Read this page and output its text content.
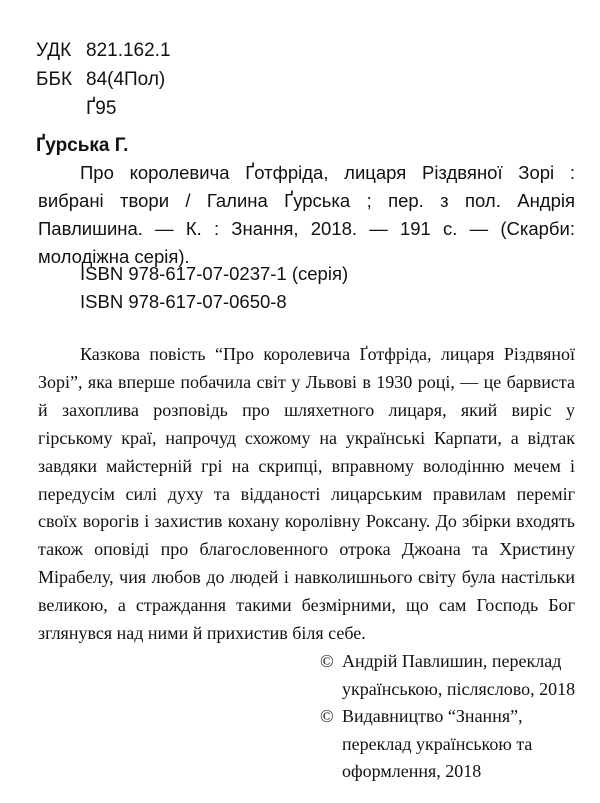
УДК 821.162.1
ББК 84(4Пол)
Ґ95
Ґурська Г.
Про королевича Ґотфріда, лицаря Різдвяної Зорі : вибрані твори / Галина Ґурська ; пер. з пол. Андрія Павлишина. — К. : Знання, 2018. — 191 с. — (Скарби: молодіжна серія).
ISBN 978-617-07-0237-1 (серія)
ISBN 978-617-07-0650-8
Казкова повість “Про королевича Ґотфріда, лицаря Різдвяної Зорі”, яка вперше побачила світ у Львові в 1930 році, — це барвиста й захоплива розповідь про шляхетного лицаря, який виріс у гірському краї, напрочуд схожому на українські Карпати, а відтак завдяки майстерній грі на скрипці, вправному володінню мечем і передусім силі духу та відданості лицарським правилам переміг своїх ворогів і захистив кохану королівну Роксану. До збірки входять також оповіді про благословенного отрока Джоана та Христину Мірабелу, чия любов до людей і навколишнього світу була настільки великою, а страждання такими безмірними, що сам Господь Бог зглянувся над ними й прихистив біля себе.
© Андрій Павлишин, переклад українською, післяслово, 2018
© Видавництво “Знання”, переклад українською та оформлення, 2018
